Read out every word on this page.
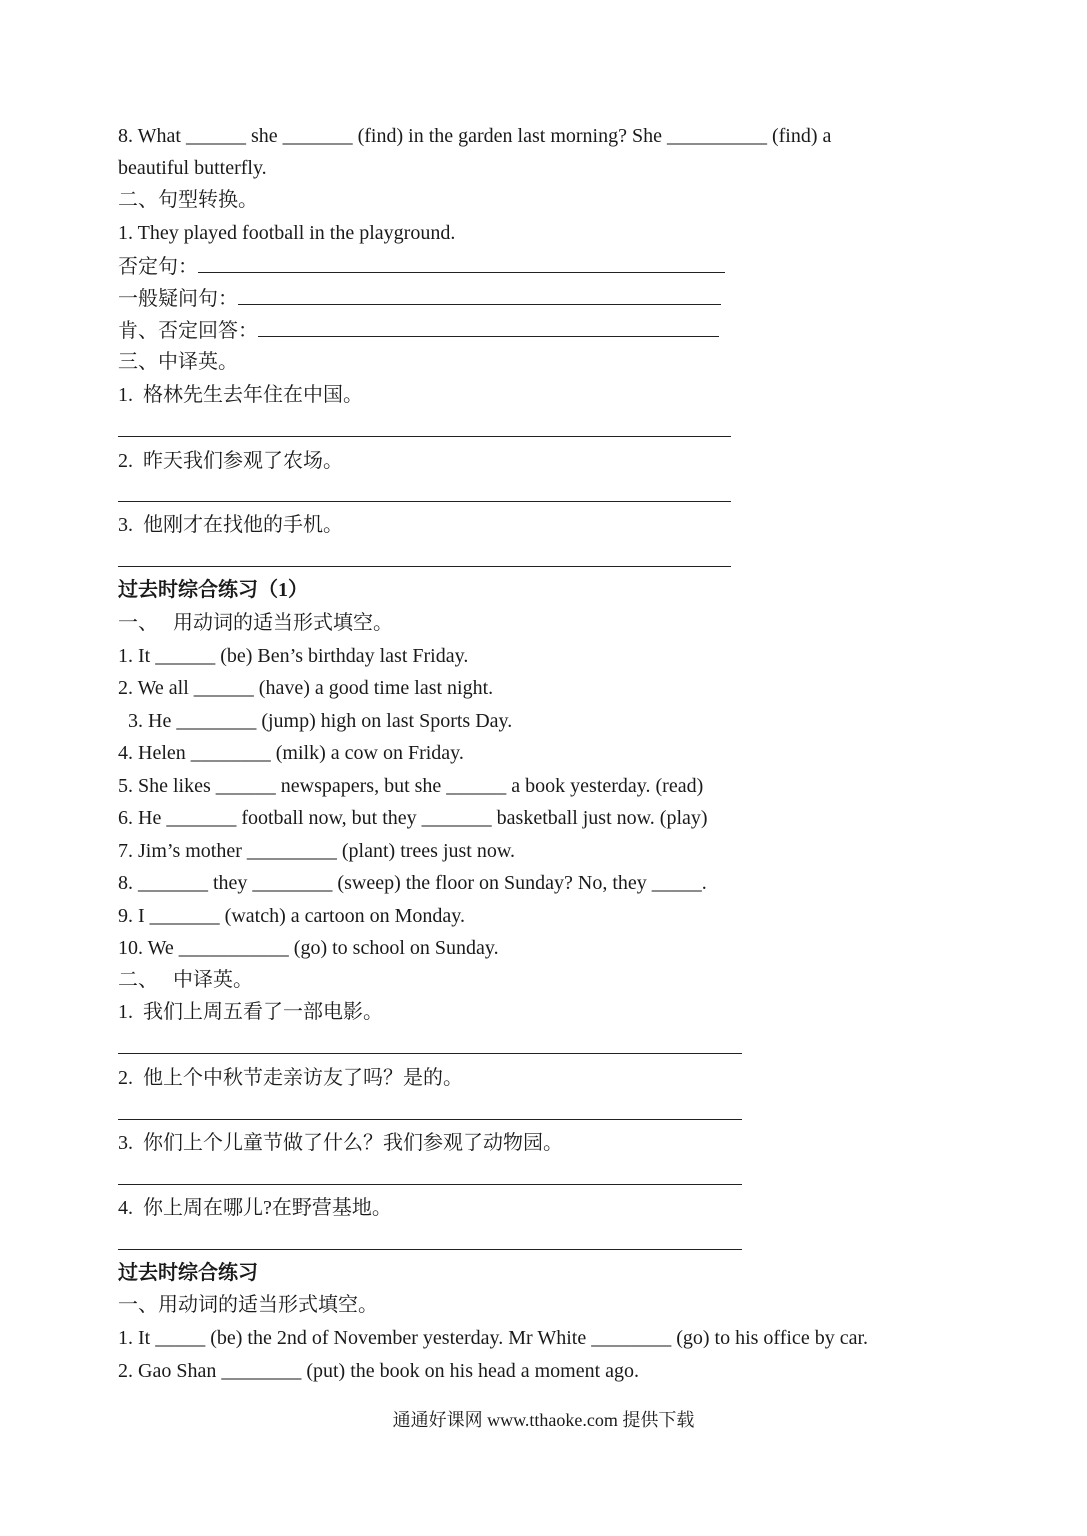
8. What ______ she _______ (find) in the garden last morning? She __________ (find) a
beautiful butterfly.
二、句型转换。
1. They played football in the playground.
否定句：
一般疑问句：
肯、否定回答：
三、中译英。
1.  格林先生去年住在中国。
2.  昨天我们参观了农场。
3.  他刚才在找他的手机。
过去时综合练习（1）
一、   用动词的适当形式填空。
1. It ______ (be) Ben’s birthday last Friday.
2. We all ______ (have) a good time last night.
3. He ________ (jump) high on last Sports Day.
4. Helen ________ (milk) a cow on Friday.
5. She likes ______ newspapers, but she ______ a book yesterday. (read)
6. He _______ football now, but they _______ basketball just now. (play)
7. Jim’s mother _________ (plant) trees just now.
8. _______ they ________ (sweep) the floor on Sunday? No, they _____.
9. I _______ (watch) a cartoon on Monday.
10. We ___________ (go) to school on Sunday.
二、   中译英。
1.  我们上周五看了一部电影。
2.  他上个中秋节走亲访友了吗？是的。
3.  你们上个儿童节做了什么？我们参观了动物园。
4.  你上周在哪儿?在野营基地。
过去时综合练习
一、用动词的适当形式填空。
1. It _____ (be) the 2nd of November yesterday. Mr White ________ (go) to his office by car.
2. Gao Shan ________ (put) the book on his head a moment ago.
通通好课网 www.tthaoke.com 提供下载
